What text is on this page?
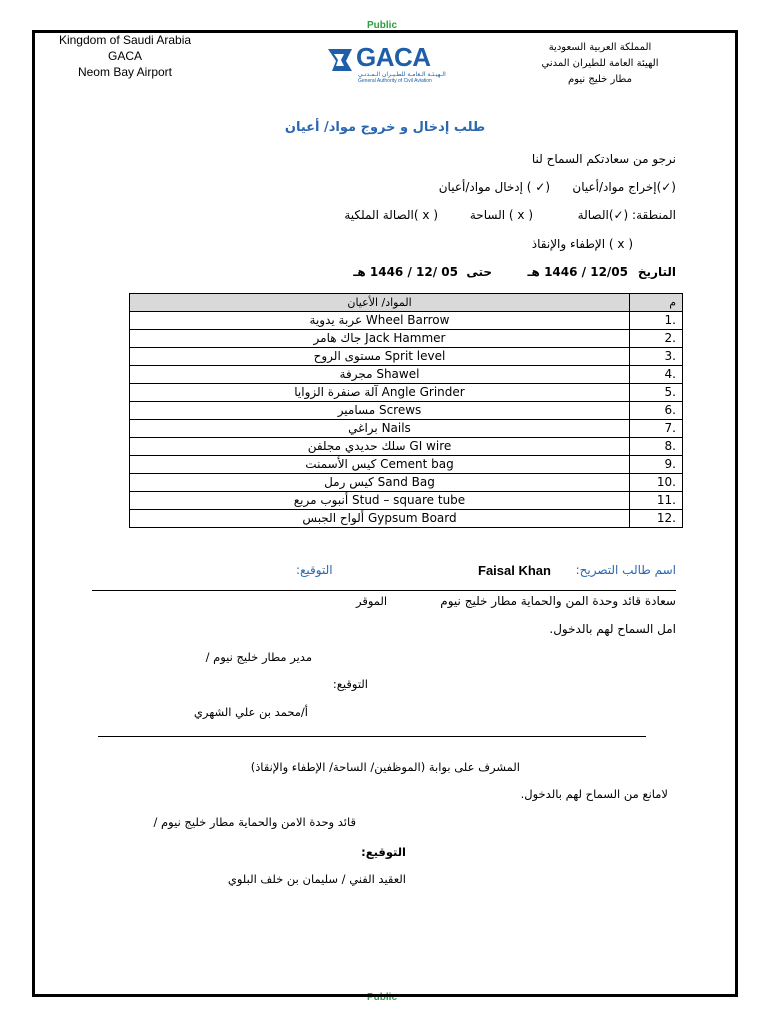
Public
Public
Kingdom of Saudi Arabia
GACA
Neom Bay Airport
المملكة العربية السعودية
الهيئة العامة للطيران المدني
مطار خليج نيوم
GACA
الـهيـئـة الـعامـة للطـيـران الـمـدنـي
General Authority of Civil Aviation
طلب إدخال و خروج مواد/ أعيان
نرجو من سعادتكم السماح لنا
(✓)إخراج مواد/أعيان
(✓ ) إدخال مواد/أعيان
المنطقة: (✓)الصالة
( x ) الساحة
( x )الصالة الملكية
( x ) الإطفاء والإنقاذ
التاريخ
12/05 / 1446 هـ
حتى
05 /12 / 1446 هـ
م	المواد/ الأعيان
.1	Wheel Barrow عربة يدوية
.2	Jack Hammer جاك هامر
.3	Sprit level مستوى الروح
.4	Shawel مجرفة
.5	Angle Grinder آلة صنفرة الزوايا
.6	Screws مسامير
.7	Nails براغي
.8	GI wire سلك حديدي مجلفن
.9	Cement bag كيس الأسمنت
.10	Sand Bag كيس رمل
.11	Stud – square tube أنبوب مربع
.12	Gypsum Board ألواح الجبس
اسم طالب التصريح:
Faisal Khan
التوقيع:
سعادة قائد وحدة المن والحماية مطار خليج نيوم
الموقر
امل السماح لهم بالدخول.
مدير مطار خليج نيوم /
التوقيع:
أ/محمد بن علي الشهري
المشرف على بوابة (الموظفين/ الساحة/ الإطفاء والإنقاذ)
لامانع من السماح لهم بالدخول.
قائد وحدة الامن والحماية مطار خليج نيوم /
التوقيع:
العقيد الفني / سليمان بن خلف البلوي
